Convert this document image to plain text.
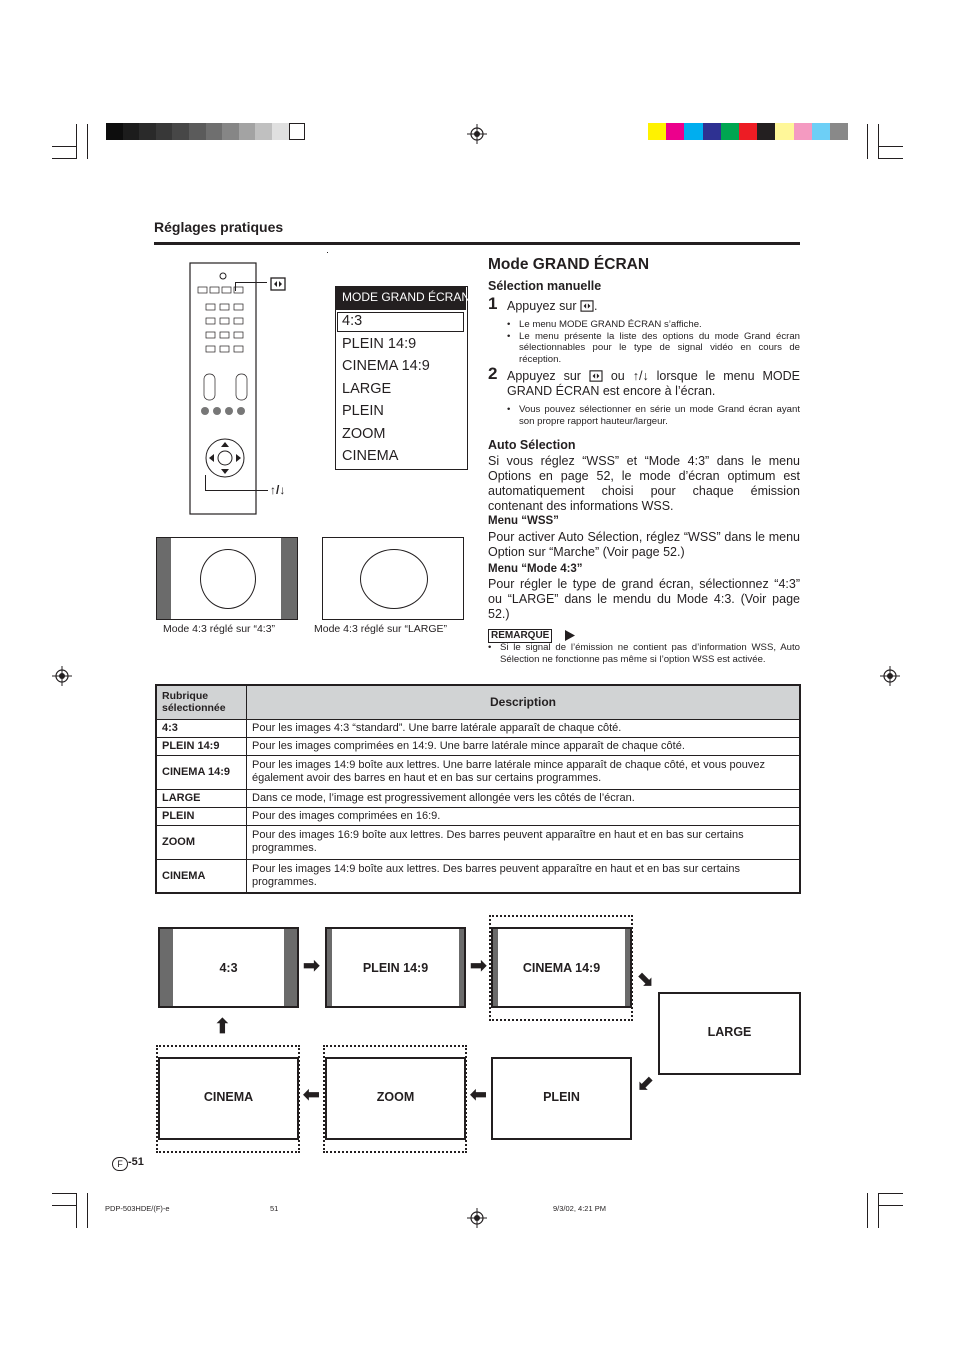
Réglages pratiques
↑/↓
MODE GRAND ÉCRAN
4:3
PLEIN 14:9
CINEMA 14:9
LARGE
PLEIN
ZOOM
CINEMA
Mode 4:3 réglé sur “4:3”	Mode 4:3 réglé sur “LARGE”
Mode GRAND ÉCRAN
Sélection manuelle
1 Appuyez sur .
• Le menu MODE GRAND ÉCRAN s’affiche.
• Le menu présente la liste des options du mode Grand écran sélectionnables pour le type de signal vidéo en cours de réception.
2 Appuyez sur ou ↑/↓ lorsque le menu MODE GRAND ÉCRAN est encore à l’écran.
• Vous pouvez sélectionner en série un mode Grand écran ayant son propre rapport hauteur/largeur.
Auto Sélection
Si vous réglez “WSS” et “Mode 4:3” dans le menu Options en page 52, le mode d’écran optimum est automatiquement choisi pour chaque émission contenant des informations WSS.
Menu “WSS”
Pour activer Auto Sélection, réglez “WSS” dans le menu Option sur “Marche” (Voir page 52.)
Menu “Mode 4:3”
Pour régler le type de grand écran, sélectionnez “4:3” ou “LARGE” dans le mendu du Mode 4:3. (Voir page 52.)
REMARQUE
• Si le signal de l’émission ne contient pas d’information WSS, Auto Sélection ne fonctionne pas même si l’option WSS est activée.
Rubrique sélectionnée	Description
4:3	Pour les images 4:3 “standard”. Une barre latérale apparaît de chaque côté.
PLEIN 14:9	Pour les images comprimées en 14:9. Une barre latérale mince apparaît de chaque côté.
CINEMA 14:9	Pour les images 14:9 boîte aux lettres. Une barre latérale mince apparaît de chaque côté, et vous pouvez également avoir des barres en haut et en bas sur certains programmes.
LARGE	Dans ce mode, l’image est progressivement allongée vers les côtés de l’écran.
PLEIN	Pour des images comprimées en 16:9.
ZOOM	Pour des images 16:9 boîte aux lettres. Des barres peuvent apparaître en haut et en bas sur certains programmes.
CINEMA	Pour les images 14:9 boîte aux lettres. Des barres peuvent apparaître en haut et en bas sur certains programmes.
4:3	PLEIN 14:9	CINEMA 14:9
LARGE
PLEIN
ZOOM
CINEMA
➡	➡
⬊
⬋
⬅
⬅
⬆
F -51
PDP-503HDE/(F)-e	51	9/3/02, 4:21 PM
